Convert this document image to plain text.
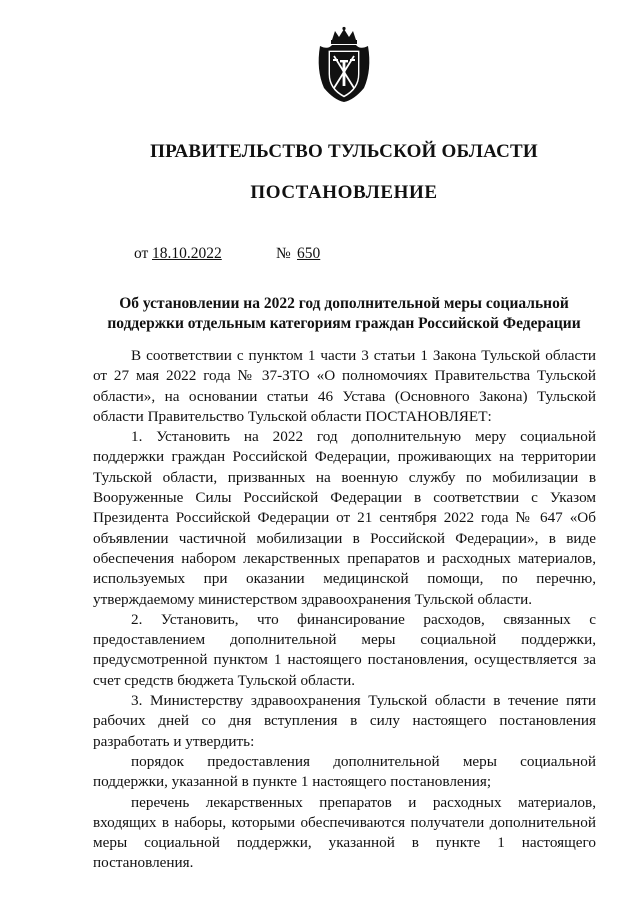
ПРАВИТЕЛЬСТВО ТУЛЬСКОЙ ОБЛАСТИ
ПОСТАНОВЛЕНИЕ
от 18.10.2022	№ 650
Об установлении на 2022 год дополнительной меры социальной
поддержки отдельным категориям граждан Российской Федерации

В соответствии с пунктом 1 части 3 статьи 1 Закона Тульской области от 27 мая 2022 года № 37-ЗТО «О полномочиях Правительства Тульской области», на основании статьи 46 Устава (Основного Закона) Тульской области Правительство Тульской области ПОСТАНОВЛЯЕТ:

1. Установить на 2022 год дополнительную меру социальной поддержки граждан Российской Федерации, проживающих на территории Тульской области, призванных на военную службу по мобилизации в Вооруженные Силы Российской Федерации в соответствии с Указом Президента Российской Федерации от 21 сентября 2022 года № 647 «Об объявлении частичной мобилизации в Российской Федерации», в виде обеспечения набором лекарственных препаратов и расходных материалов, используемых при оказании медицинской помощи, по перечню, утверждаемому министерством здравоохранения Тульской области.

2. Установить, что финансирование расходов, связанных с предоставлением дополнительной меры социальной поддержки, предусмотренной пунктом 1 настоящего постановления, осуществляется за счет средств бюджета Тульской области.

3. Министерству здравоохранения Тульской области в течение пяти рабочих дней со дня вступления в силу настоящего постановления разработать и утвердить:

порядок предоставления дополнительной меры социальной поддержки, указанной в пункте 1 настоящего постановления;

перечень лекарственных препаратов и расходных материалов, входящих в наборы, которыми обеспечиваются получатели дополнительной меры социальной поддержки, указанной в пункте 1 настоящего постановления.
